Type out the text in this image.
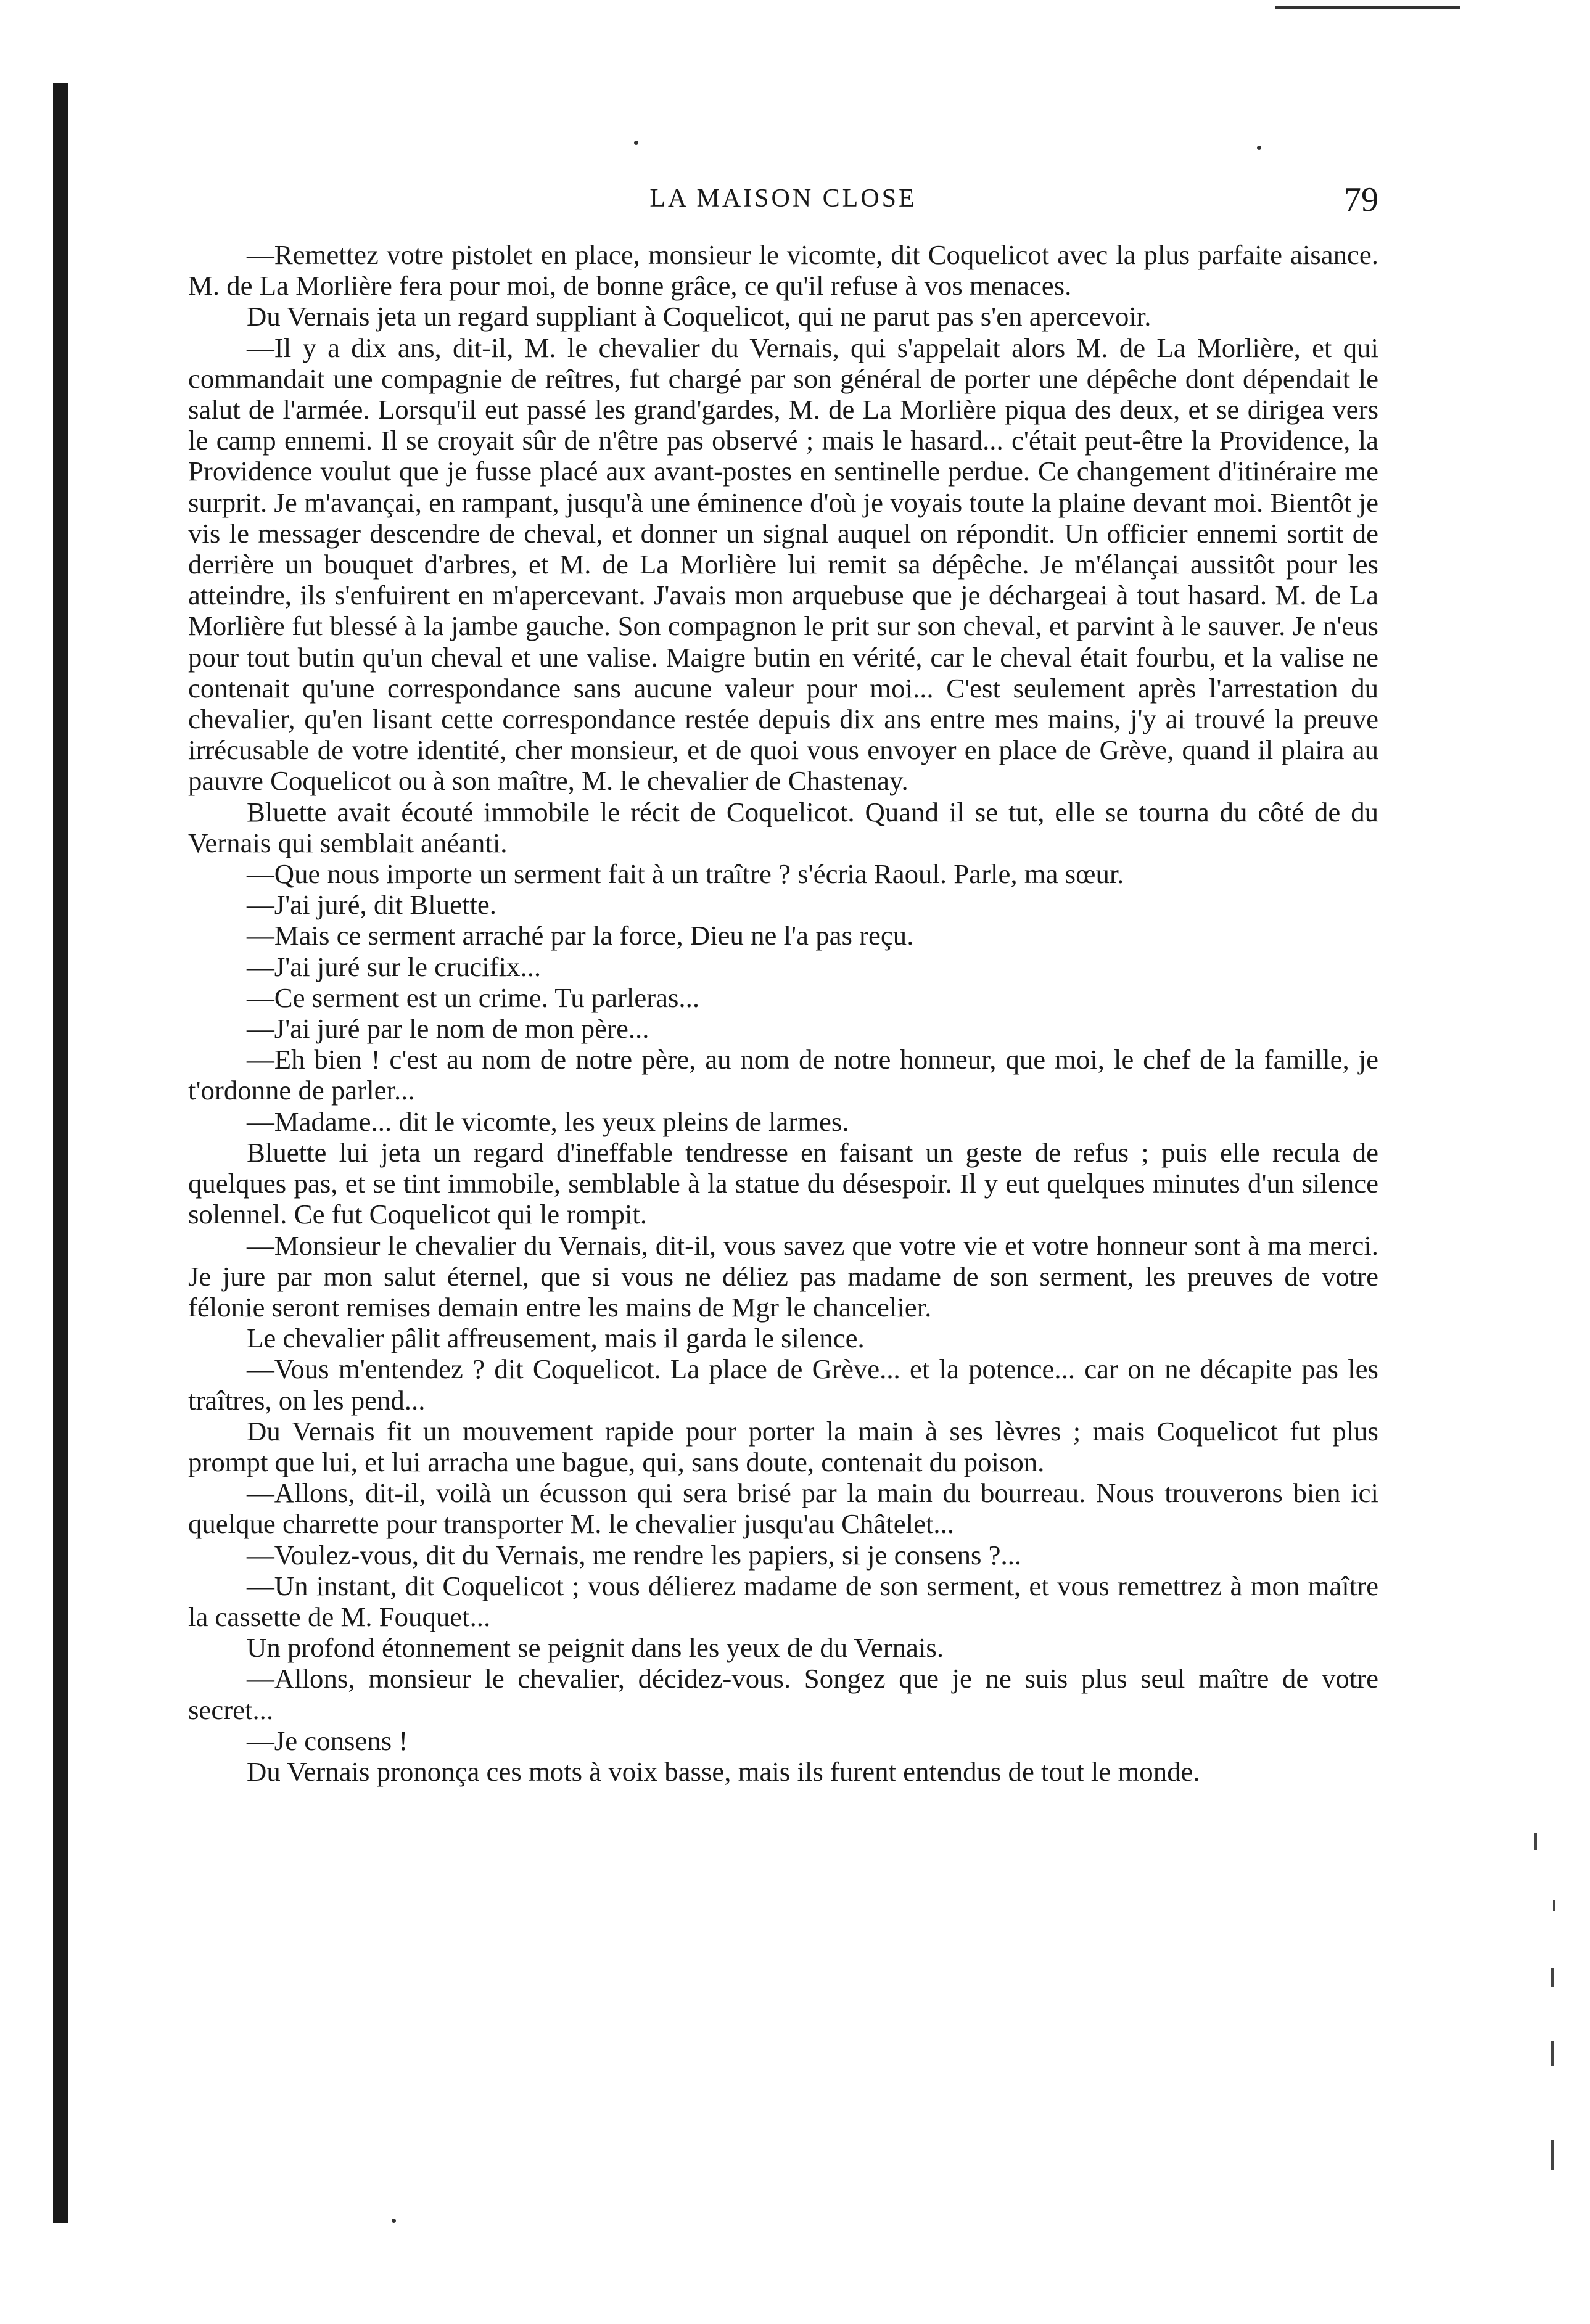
LA MAISON CLOSE	79

—Remettez votre pistolet en place, monsieur le vicomte, dit Coquelicot avec la plus parfaite aisance. M. de La Morlière fera pour moi, de bonne grâce, ce qu'il refuse à vos menaces.

Du Vernais jeta un regard suppliant à Coquelicot, qui ne parut pas s'en apercevoir.

—Il y a dix ans, dit-il, M. le chevalier du Vernais, qui s'appelait alors M. de La Morlière, et qui commandait une compagnie de reîtres, fut chargé par son général de porter une dépêche dont dépendait le salut de l'armée. Lorsqu'il eut passé les grand'gardes, M. de La Morlière piqua des deux, et se dirigea vers le camp ennemi. Il se croyait sûr de n'être pas observé ; mais le hasard... c'était peut-être la Providence, la Providence voulut que je fusse placé aux avant-postes en sentinelle perdue. Ce changement d'itinéraire me surprit. Je m'avançai, en rampant, jusqu'à une éminence d'où je voyais toute la plaine devant moi. Bientôt je vis le messager descendre de cheval, et donner un signal auquel on répondit. Un officier ennemi sortit de derrière un bouquet d'arbres, et M. de La Morlière lui remit sa dépêche. Je m'élançai aussitôt pour les atteindre, ils s'enfuirent en m'apercevant. J'avais mon arquebuse que je déchargeai à tout hasard. M. de La Morlière fut blessé à la jambe gauche. Son compagnon le prit sur son cheval, et parvint à le sauver. Je n'eus pour tout butin qu'un cheval et une valise. Maigre butin en vérité, car le cheval était fourbu, et la valise ne contenait qu'une correspondance sans aucune valeur pour moi... C'est seulement après l'arrestation du chevalier, qu'en lisant cette correspondance restée depuis dix ans entre mes mains, j'y ai trouvé la preuve irrécusable de votre identité, cher monsieur, et de quoi vous envoyer en place de Grève, quand il plaira au pauvre Coquelicot ou à son maître, M. le chevalier de Chastenay.

Bluette avait écouté immobile le récit de Coquelicot. Quand il se tut, elle se tourna du côté de du Vernais qui semblait anéanti.

—Que nous importe un serment fait à un traître ? s'écria Raoul. Parle, ma sœur.

—J'ai juré, dit Bluette.

—Mais ce serment arraché par la force, Dieu ne l'a pas reçu.

—J'ai juré sur le crucifix...

—Ce serment est un crime. Tu parleras...

—J'ai juré par le nom de mon père...

—Eh bien ! c'est au nom de notre père, au nom de notre honneur, que moi, le chef de la famille, je t'ordonne de parler...

—Madame... dit le vicomte, les yeux pleins de larmes.

Bluette lui jeta un regard d'ineffable tendresse en faisant un geste de refus ; puis elle recula de quelques pas, et se tint immobile, semblable à la statue du désespoir. Il y eut quelques minutes d'un silence solennel. Ce fut Coquelicot qui le rompit.

—Monsieur le chevalier du Vernais, dit-il, vous savez que votre vie et votre honneur sont à ma merci. Je jure par mon salut éternel, que si vous ne déliez pas madame de son serment, les preuves de votre félonie seront remises demain entre les mains de Mgr le chancelier.

Le chevalier pâlit affreusement, mais il garda le silence.

—Vous m'entendez ? dit Coquelicot. La place de Grève... et la potence... car on ne décapite pas les traîtres, on les pend...

Du Vernais fit un mouvement rapide pour porter la main à ses lèvres ; mais Coquelicot fut plus prompt que lui, et lui arracha une bague, qui, sans doute, contenait du poison.

—Allons, dit-il, voilà un écusson qui sera brisé par la main du bourreau. Nous trouverons bien ici quelque charrette pour transporter M. le chevalier jusqu'au Châtelet...

—Voulez-vous, dit du Vernais, me rendre les papiers, si je consens ?...

—Un instant, dit Coquelicot ; vous délierez madame de son serment, et vous remettrez à mon maître la cassette de M. Fouquet...

Un profond étonnement se peignit dans les yeux de du Vernais.

—Allons, monsieur le chevalier, décidez-vous. Songez que je ne suis plus seul maître de votre secret...

—Je consens !

Du Vernais prononça ces mots à voix basse, mais ils furent entendus de tout le monde.
